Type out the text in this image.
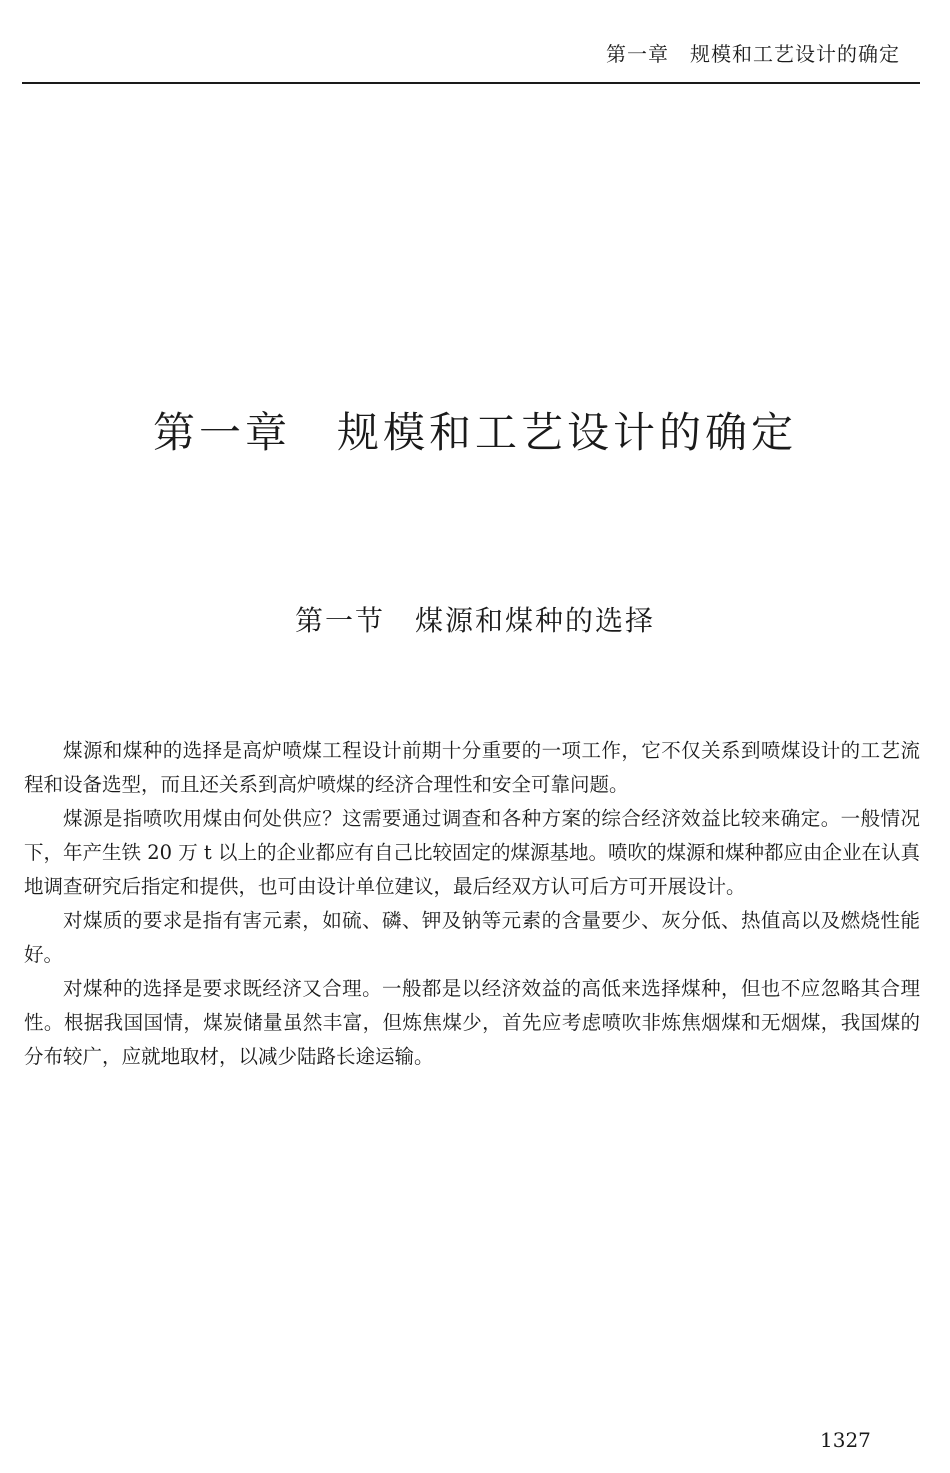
第一章　规模和工艺设计的确定
第一章　规模和工艺设计的确定
第一节　煤源和煤种的选择

煤源和煤种的选择是高炉喷煤工程设计前期十分重要的一项工作，它不仅关系到喷煤设计的工艺流程和设备选型，而且还关系到高炉喷煤的经济合理性和安全可靠问题。

煤源是指喷吹用煤由何处供应？这需要通过调查和各种方案的综合经济效益比较来确定。一般情况下，年产生铁 20 万 t 以上的企业都应有自己比较固定的煤源基地。喷吹的煤源和煤种都应由企业在认真地调查研究后指定和提供，也可由设计单位建议，最后经双方认可后方可开展设计。

对煤质的要求是指有害元素，如硫、磷、钾及钠等元素的含量要少、灰分低、热值高以及燃烧性能好。

对煤种的选择是要求既经济又合理。一般都是以经济效益的高低来选择煤种，但也不应忽略其合理性。根据我国国情，煤炭储量虽然丰富，但炼焦煤少，首先应考虑喷吹非炼焦烟煤和无烟煤，我国煤的分布较广，应就地取材，以减少陆路长途运输。

1327
